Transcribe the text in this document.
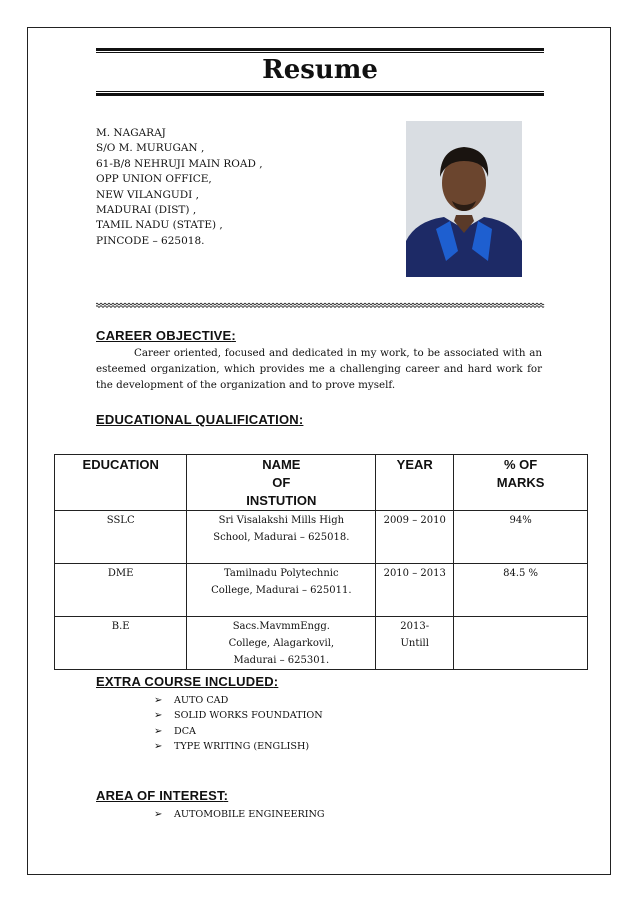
Resume
M. NAGARAJ
S/O M. MURUGAN ,
61-B/8 NEHRUJI MAIN ROAD ,
OPP UNION OFFICE,
NEW VILANGUDI ,
MADURAI (DIST) ,
TAMIL NADU (STATE) ,
PINCODE – 625018.
CAREER OBJECTIVE:

Career oriented, focused and dedicated in my work, to be associated with an esteemed organization, which provides me a challenging career and hard work for the development of the organization and to prove myself.

EDUCATIONAL QUALIFICATION:
EDUCATION	NAME OF INSTUTION	YEAR	% OF MARKS
SSLC	Sri Visalakshi Mills High School, Madurai – 625018.	2009 – 2010	94%
DME	Tamilnadu Polytechnic College, Madurai – 625011.	2010 – 2013	84.5 %
B.E	Sacs.MavmmEngg. College, Alagarkovil, Madurai – 625301.	2013- Untill	
EXTRA COURSE INCLUDED:
➢ AUTO CAD
➢ SOLID WORKS FOUNDATION
➢ DCA
➢ TYPE WRITING (ENGLISH)
AREA OF INTEREST:
➢ AUTOMOBILE ENGINEERING
